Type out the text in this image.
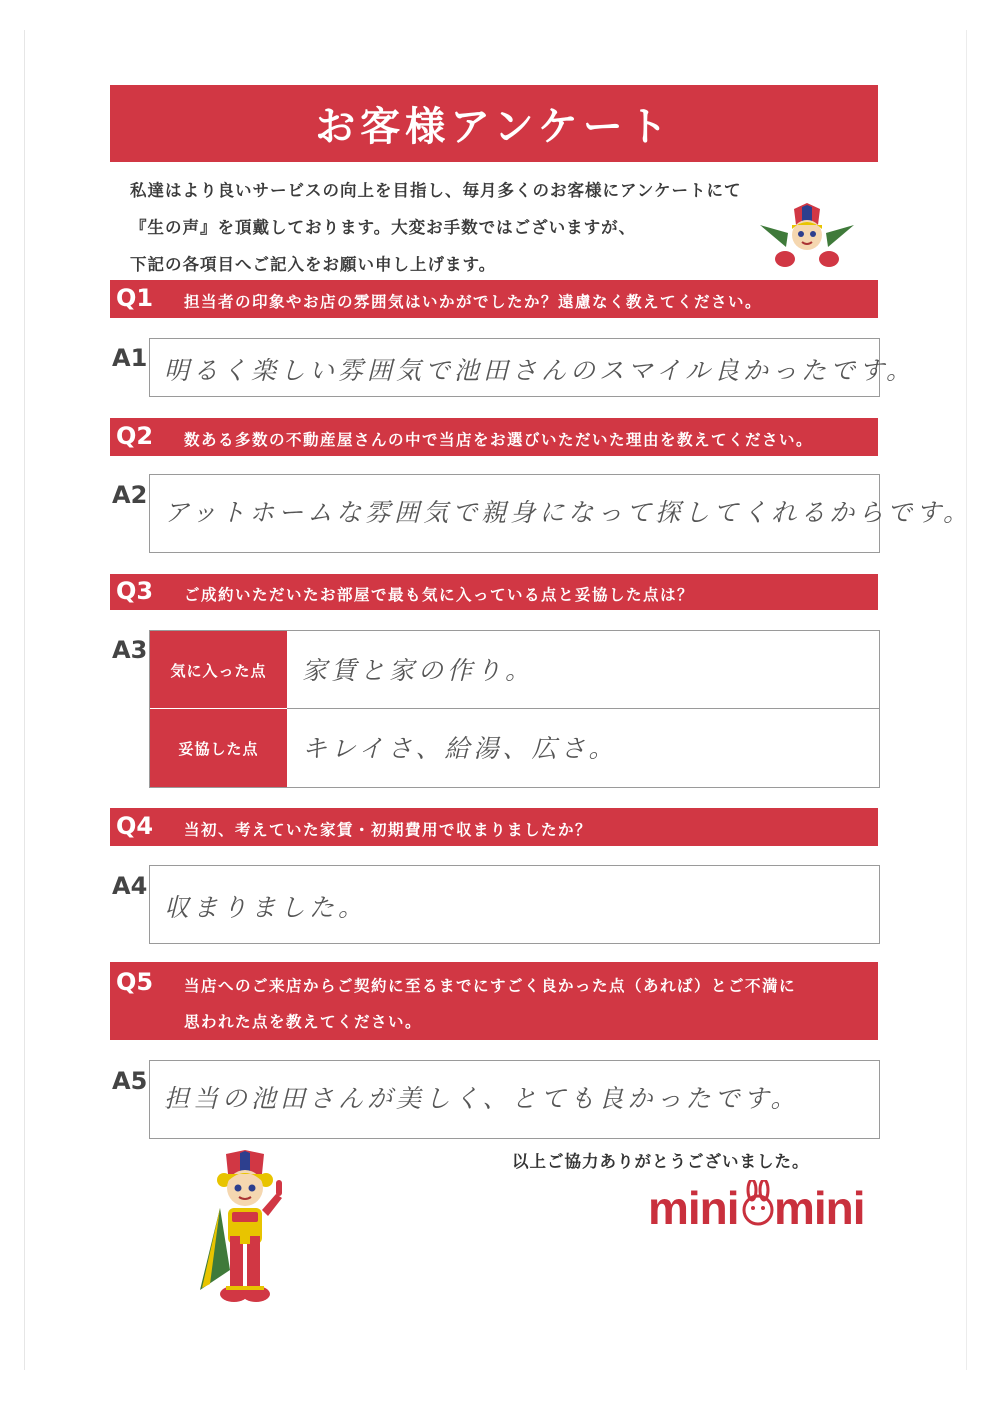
お客様アンケート
私達はより良いサービスの向上を目指し、毎月多くのお客様にアンケートにて
『生の声』を頂戴しております。大変お手数ではございますが、
下記の各項目へご記入をお願い申し上げます。
Q1 担当者の印象やお店の雰囲気はいかがでしたか？遠慮なく教えてください。
A1 明るく楽しい雰囲気で池田さんのスマイル良かったです。
Q2 数ある多数の不動産屋さんの中で当店をお選びいただいた理由を教えてください。
A2
アットホームな雰囲気で親身になって探してくれるからです。
Q3 ご成約いただいたお部屋で最も気に入っている点と妥協した点は？
A3
気に入った点	家賃と家の作り。
妥協した点	キレイさ、給湯、広さ。
Q4 当初、考えていた家賃・初期費用で収まりましたか？
A4
収まりました。
Q5 当店へのご来店からご契約に至るまでにすごく良かった点（あれば）とご不満に
思われた点を教えてください。
A5
担当の池田さんが美しく、とても良かったです。
以上ご協力ありがとうございました。
mini mini
